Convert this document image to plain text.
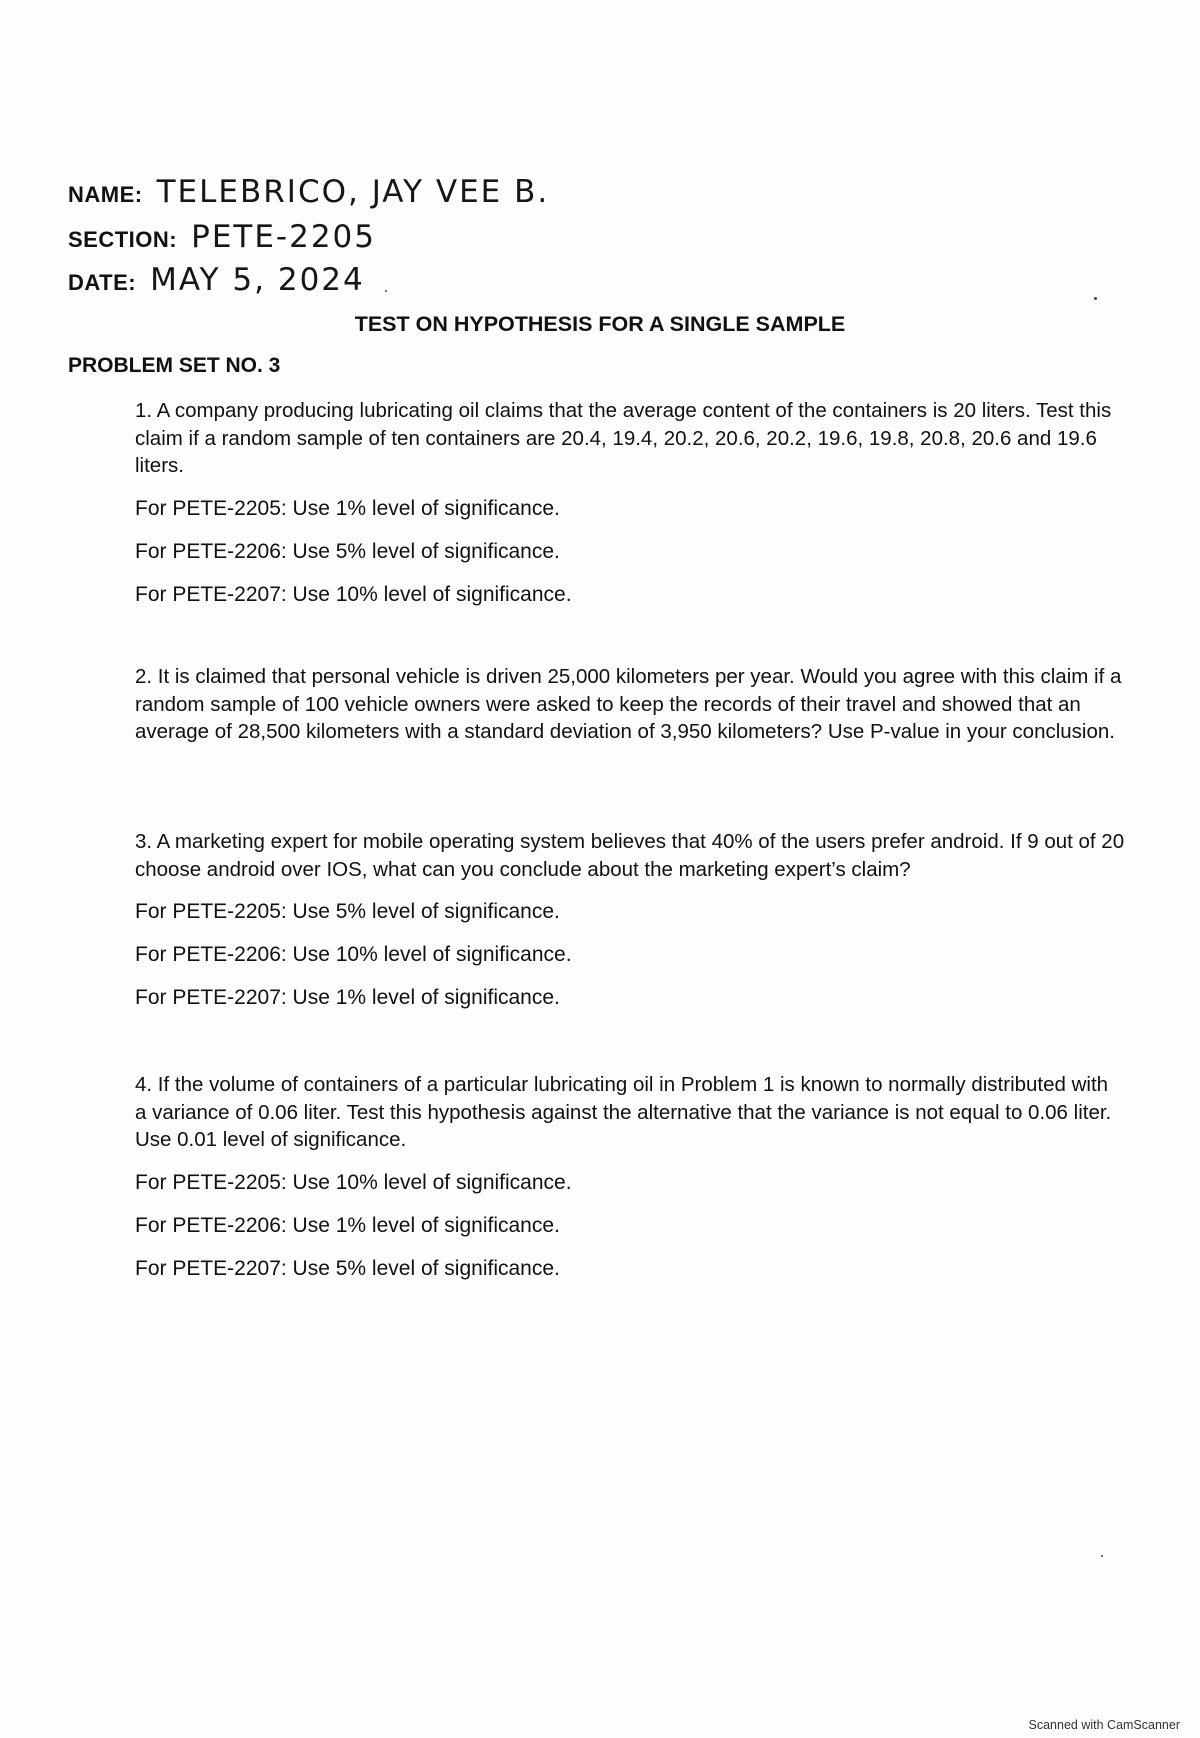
NAME: TELEBRICO, JAY VEE B.
SECTION: PETE-2205
DATE: MAY 5, 2024
TEST ON HYPOTHESIS FOR A SINGLE SAMPLE
PROBLEM SET NO. 3

1. A company producing lubricating oil claims that the average content of the containers is 20 liters. Test this claim if a random sample of ten containers are 20.4, 19.4, 20.2, 20.6, 20.2, 19.6, 19.8, 20.8, 20.6 and 19.6 liters.

For PETE-2205: Use 1% level of significance.

For PETE-2206: Use 5% level of significance.

For PETE-2207: Use 10% level of significance.

2. It is claimed that personal vehicle is driven 25,000 kilometers per year. Would you agree with this claim if a random sample of 100 vehicle owners were asked to keep the records of their travel and showed that an average of 28,500 kilometers with a standard deviation of 3,950 kilometers? Use P-value in your conclusion.

3. A marketing expert for mobile operating system believes that 40% of the users prefer android. If 9 out of 20 choose android over IOS, what can you conclude about the marketing expert’s claim?

For PETE-2205: Use 5% level of significance.

For PETE-2206: Use 10% level of significance.

For PETE-2207: Use 1% level of significance.

4. If the volume of containers of a particular lubricating oil in Problem 1 is known to normally distributed with a variance of 0.06 liter. Test this hypothesis against the alternative that the variance is not equal to 0.06 liter. Use 0.01 level of significance.

For PETE-2205: Use 10% level of significance.

For PETE-2206: Use 1% level of significance.

For PETE-2207: Use 5% level of significance.

Scanned with CamScanner
